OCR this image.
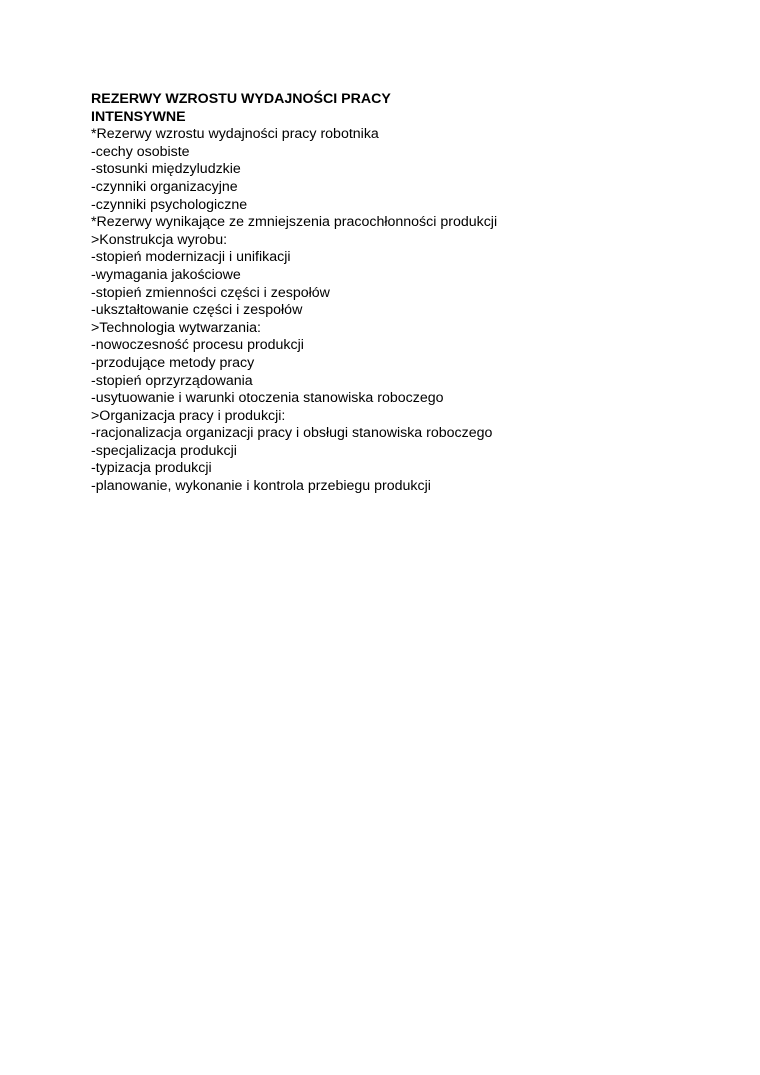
REZERWY WZROSTU WYDAJNOŚCI PRACY
INTENSYWNE
*Rezerwy wzrostu wydajności pracy robotnika
-cechy osobiste
-stosunki międzyludzkie
-czynniki organizacyjne
-czynniki psychologiczne
*Rezerwy wynikające ze zmniejszenia pracochłonności produkcji
>Konstrukcja wyrobu:
-stopień modernizacji i unifikacji
-wymagania jakościowe
-stopień zmienności części i zespołów
-ukształtowanie części i zespołów
>Technologia wytwarzania:
-nowoczesność procesu produkcji
-przodujące metody pracy
-stopień oprzyrządowania
-usytuowanie i warunki otoczenia stanowiska roboczego
>Organizacja pracy i produkcji:
-racjonalizacja organizacji pracy i obsługi stanowiska roboczego
-specjalizacja produkcji
-typizacja produkcji
-planowanie, wykonanie i kontrola przebiegu produkcji
